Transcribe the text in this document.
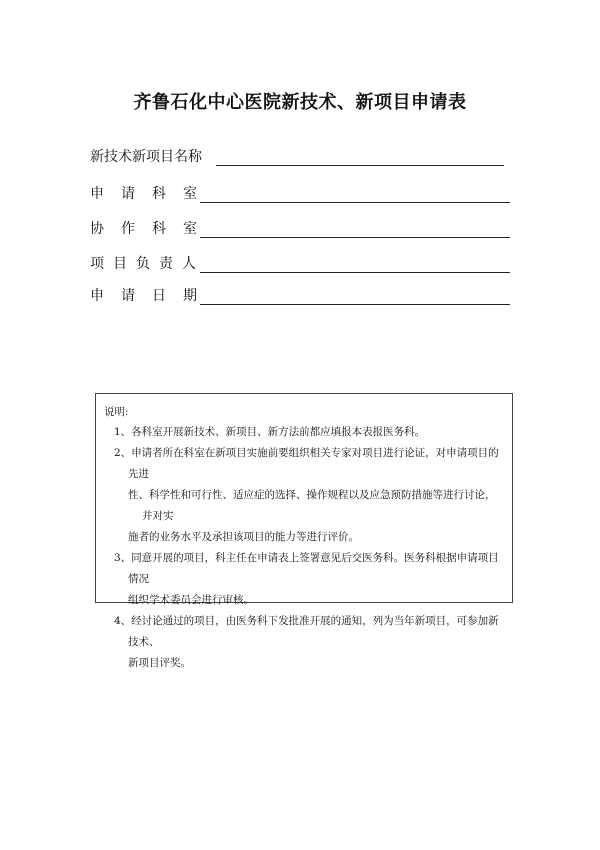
齐鲁石化中心医院新技术、新项目申请表
新技术新项目名称
申请科室
协作科室
项目负责人
申请日期
说明:
1、各科室开展新技术、新项目、新方法前都应填报本表报医务科。
2、申请者所在科室在新项目实施前要组织相关专家对项目进行论证，对申请项目的先进
性、科学性和可行性、适应症的选择、操作规程以及应急预防措施等进行讨论，并对实
施者的业务水平及承担该项目的能力等进行评价。
3、同意开展的项目，科主任在申请表上签署意见后交医务科。医务科根据申请项目情况
组织学术委员会进行审核。
4、经讨论通过的项目，由医务科下发批准开展的通知，列为当年新项目，可参加新技术、
新项目评奖。
